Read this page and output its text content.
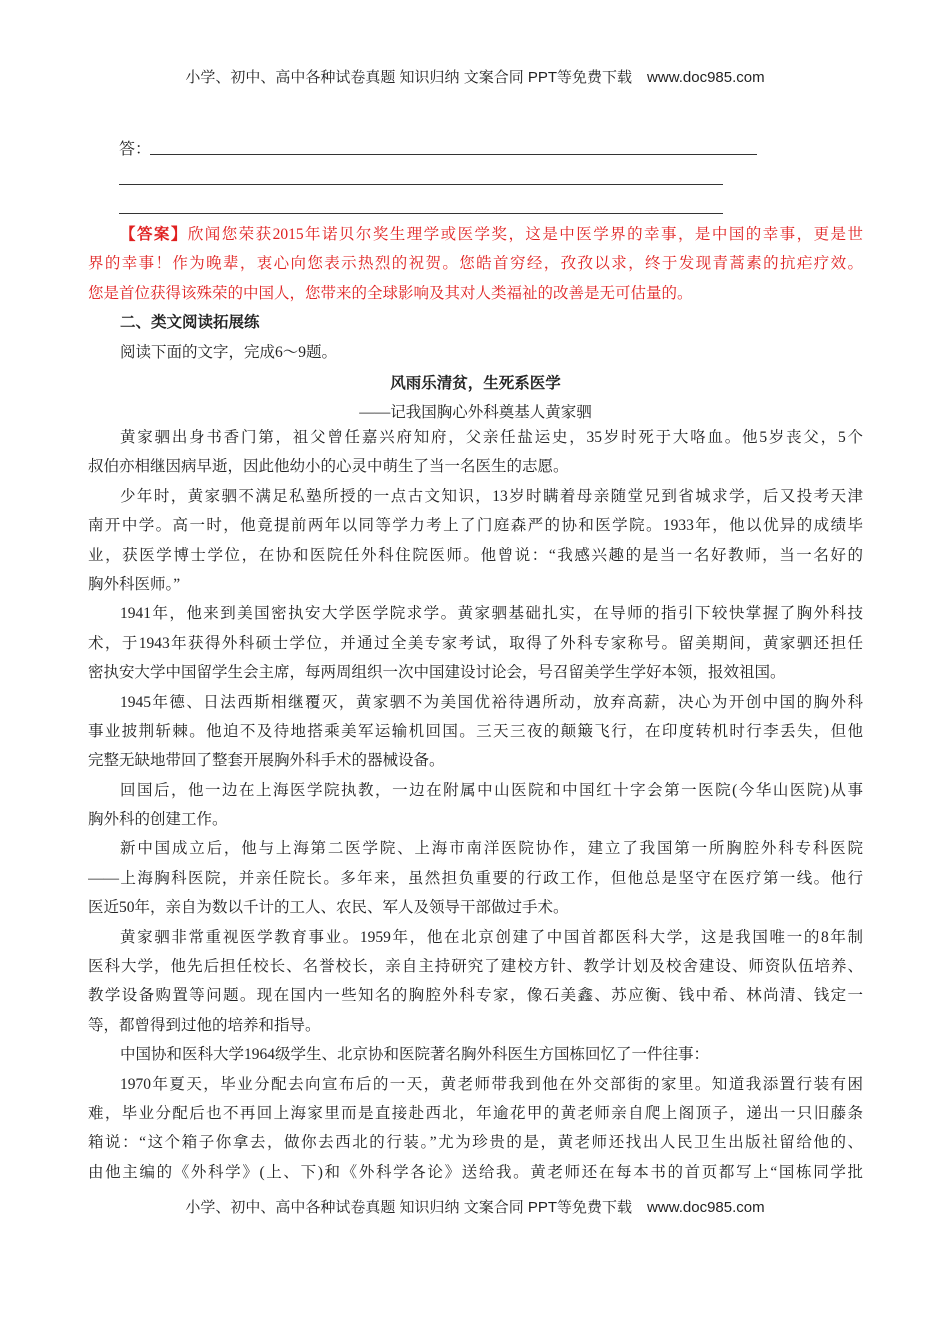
小学、初中、高中各种试卷真题 知识归纳 文案合同 PPT等免费下载　www.doc985.com
答：
【答案】欣闻您荣获2015年诺贝尔奖生理学或医学奖，这是中医学界的幸事，是中国的幸事，更是世
界的幸事！作为晚辈，衷心向您表示热烈的祝贺。您皓首穷经，孜孜以求，终于发现青蒿素的抗疟疗效。
您是首位获得该殊荣的中国人，您带来的全球影响及其对人类福祉的改善是无可估量的。
二、类文阅读拓展练
阅读下面的文字，完成6～9题。
风雨乐清贫，生死系医学
——记我国胸心外科奠基人黄家驷
黄家驷出身书香门第，祖父曾任嘉兴府知府，父亲任盐运史，35岁时死于大咯血。他5岁丧父，5个
叔伯亦相继因病早逝，因此他幼小的心灵中萌生了当一名医生的志愿。
少年时，黄家驷不满足私塾所授的一点古文知识，13岁时瞒着母亲随堂兄到省城求学，后又投考天津
南开中学。高一时，他竟提前两年以同等学力考上了门庭森严的协和医学院。1933年，他以优异的成绩毕
业，获医学博士学位，在协和医院任外科住院医师。他曾说：“我感兴趣的是当一名好教师，当一名好的
胸外科医师。”
1941年，他来到美国密执安大学医学院求学。黄家驷基础扎实，在导师的指引下较快掌握了胸外科技
术，于1943年获得外科硕士学位，并通过全美专家考试，取得了外科专家称号。留美期间，黄家驷还担任
密执安大学中国留学生会主席，每两周组织一次中国建设讨论会，号召留美学生学好本领，报效祖国。
1945年德、日法西斯相继覆灭，黄家驷不为美国优裕待遇所动，放弃高薪，决心为开创中国的胸外科
事业披荆斩棘。他迫不及待地搭乘美军运输机回国。三天三夜的颠簸飞行，在印度转机时行李丢失，但他
完整无缺地带回了整套开展胸外科手术的器械设备。
回国后，他一边在上海医学院执教，一边在附属中山医院和中国红十字会第一医院(今华山医院)从事
胸外科的创建工作。
新中国成立后，他与上海第二医学院、上海市南洋医院协作，建立了我国第一所胸腔外科专科医院
——上海胸科医院，并亲任院长。多年来，虽然担负重要的行政工作，但他总是坚守在医疗第一线。他行
医近50年，亲自为数以千计的工人、农民、军人及领导干部做过手术。
黄家驷非常重视医学教育事业。1959年，他在北京创建了中国首都医科大学，这是我国唯一的8年制
医科大学，他先后担任校长、名誉校长，亲自主持研究了建校方针、教学计划及校舍建设、师资队伍培养、
教学设备购置等问题。现在国内一些知名的胸腔外科专家，像石美鑫、苏应衡、钱中希、林尚清、钱定一
等，都曾得到过他的培养和指导。
中国协和医科大学1964级学生、北京协和医院著名胸外科医生方国栋回忆了一件往事：
1970年夏天，毕业分配去向宣布后的一天，黄老师带我到他在外交部街的家里。知道我添置行装有困
难，毕业分配后也不再回上海家里而是直接赴西北，年逾花甲的黄老师亲自爬上阁顶子，递出一只旧藤条
箱说：“这个箱子你拿去，做你去西北的行装。”尤为珍贵的是，黄老师还找出人民卫生出版社留给他的、
由他主编的《外科学》(上、下)和《外科学各论》送给我。黄老师还在每本书的首页都写上“国栋同学批
小学、初中、高中各种试卷真题 知识归纳 文案合同 PPT等免费下载　www.doc985.com
